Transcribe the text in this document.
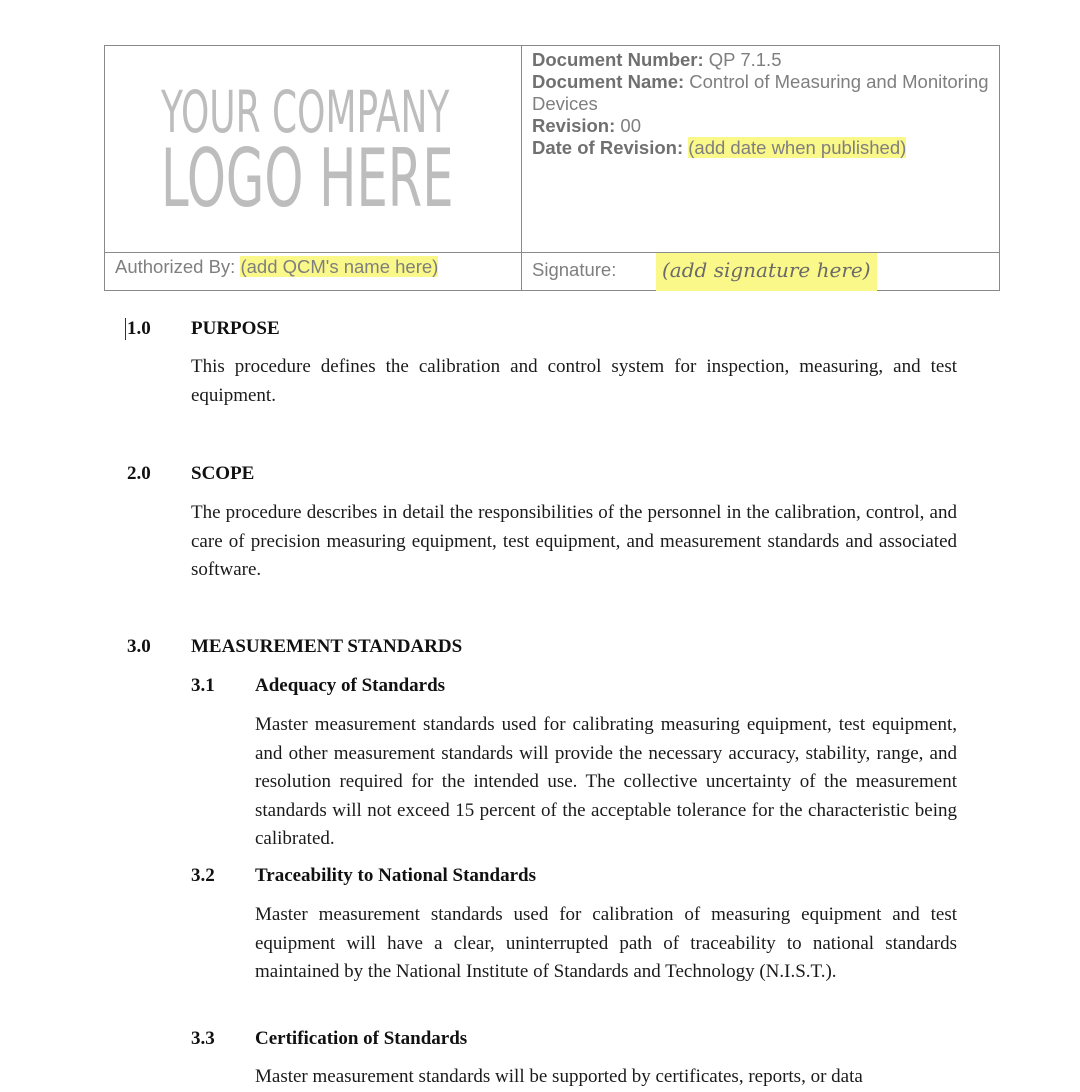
YOUR COMPANY
LOGO HERE
Document Number: QP 7.1.5
Document Name: Control of Measuring and Monitoring Devices
Revision: 00
Date of Revision: (add date when published)
Authorized By: (add QCM's name here)	Signature:	(add signature here)
1.0 PURPOSE
This procedure defines the calibration and control system for inspection, measuring, and test equipment.
2.0 SCOPE
The procedure describes in detail the responsibilities of the personnel in the calibration, control, and care of precision measuring equipment, test equipment, and measurement standards and associated software.
3.0 MEASUREMENT STANDARDS
3.1 Adequacy of Standards
Master measurement standards used for calibrating measuring equipment, test equipment, and other measurement standards will provide the necessary accuracy, stability, range, and resolution required for the intended use. The collective uncertainty of the measurement standards will not exceed 15 percent of the acceptable tolerance for the characteristic being calibrated.
3.2 Traceability to National Standards
Master measurement standards used for calibration of measuring equipment and test equipment will have a clear, uninterrupted path of traceability to national standards maintained by the National Institute of Standards and Technology (N.I.S.T.).
3.3 Certification of Standards
Master measurement standards will be supported by certificates, reports, or data
